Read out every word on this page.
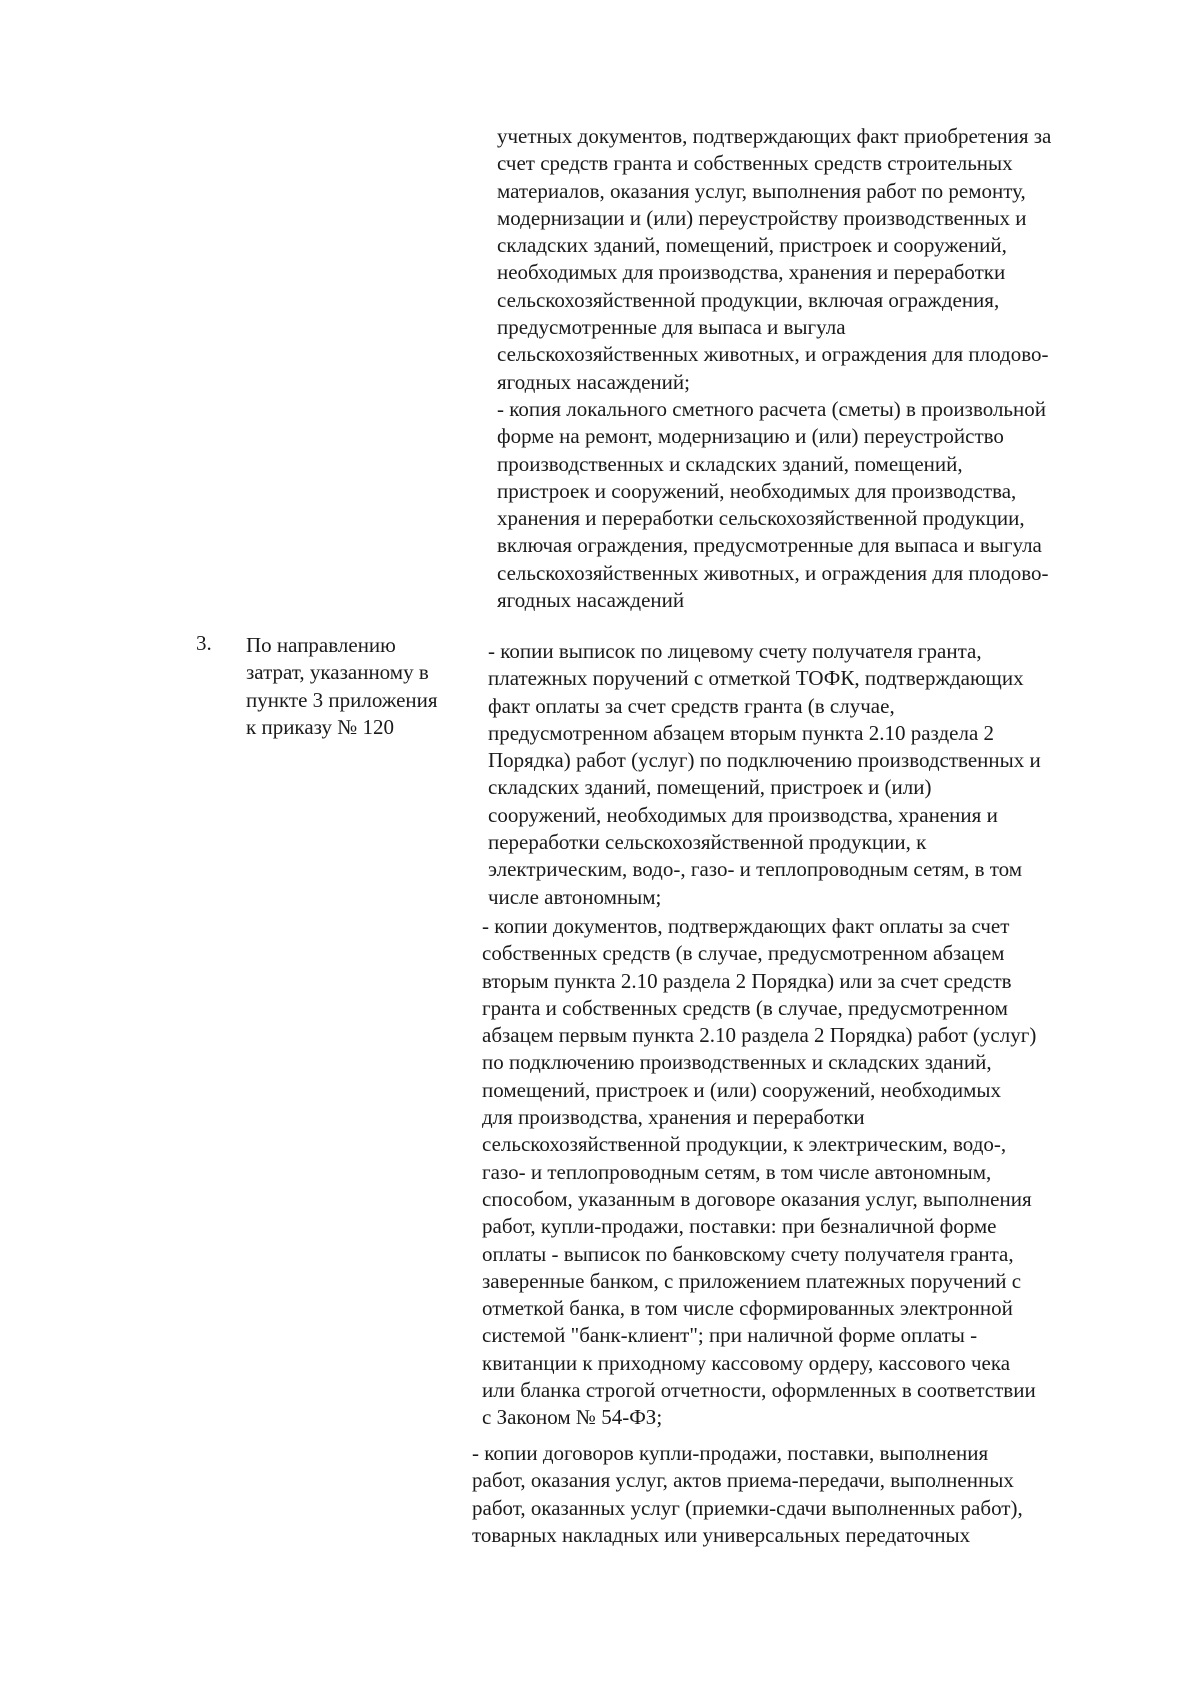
учетных документов, подтверждающих факт приобретения за
счет средств гранта и собственных средств строительных
материалов, оказания услуг, выполнения работ по ремонту,
модернизации и (или) переустройству производственных и
складских зданий, помещений, пристроек и сооружений,
необходимых для производства, хранения и переработки
сельскохозяйственной продукции, включая ограждения,
предусмотренные для выпаса и выгула
сельскохозяйственных животных, и ограждения для плодово-
ягодных насаждений;
- копия локального сметного расчета (сметы) в произвольной
форме на ремонт, модернизацию и (или) переустройство
производственных и складских зданий, помещений,
пристроек и сооружений, необходимых для производства,
хранения и переработки сельскохозяйственной продукции,
включая ограждения, предусмотренные для выпаса и выгула
сельскохозяйственных животных, и ограждения для плодово-
ягодных насаждений
3.	По направлению
затрат, указанному в
пункте 3 приложения
к приказу № 120
- копии выписок по лицевому счету получателя гранта,
платежных поручений с отметкой ТОФК, подтверждающих
факт оплаты за счет средств гранта (в случае,
предусмотренном абзацем вторым пункта 2.10 раздела 2
Порядка) работ (услуг) по подключению производственных и
складских зданий, помещений, пристроек и (или)
сооружений, необходимых для производства, хранения и
переработки сельскохозяйственной продукции, к
электрическим, водо-, газо- и теплопроводным сетям, в том
числе автономным;
- копии документов, подтверждающих факт оплаты за счет
собственных средств (в случае, предусмотренном абзацем
вторым пункта 2.10 раздела 2 Порядка) или за счет средств
гранта и собственных средств (в случае, предусмотренном
абзацем первым пункта 2.10 раздела 2 Порядка) работ (услуг)
по подключению производственных и складских зданий,
помещений, пристроек и (или) сооружений, необходимых
для производства, хранения и переработки
сельскохозяйственной продукции, к электрическим, водо-,
газо- и теплопроводным сетям, в том числе автономным,
способом, указанным в договоре оказания услуг, выполнения
работ, купли-продажи, поставки: при безналичной форме
оплаты - выписок по банковскому счету получателя гранта,
заверенные банком, с приложением платежных поручений с
отметкой банка, в том числе сформированных электронной
системой "банк-клиент"; при наличной форме оплаты -
квитанции к приходному кассовому ордеру, кассового чека
или бланка строгой отчетности, оформленных в соответствии
с Законом № 54-ФЗ;
- копии договоров купли-продажи, поставки, выполнения
работ, оказания услуг, актов приема-передачи, выполненных
работ, оказанных услуг (приемки-сдачи выполненных работ),
товарных накладных или универсальных передаточных
